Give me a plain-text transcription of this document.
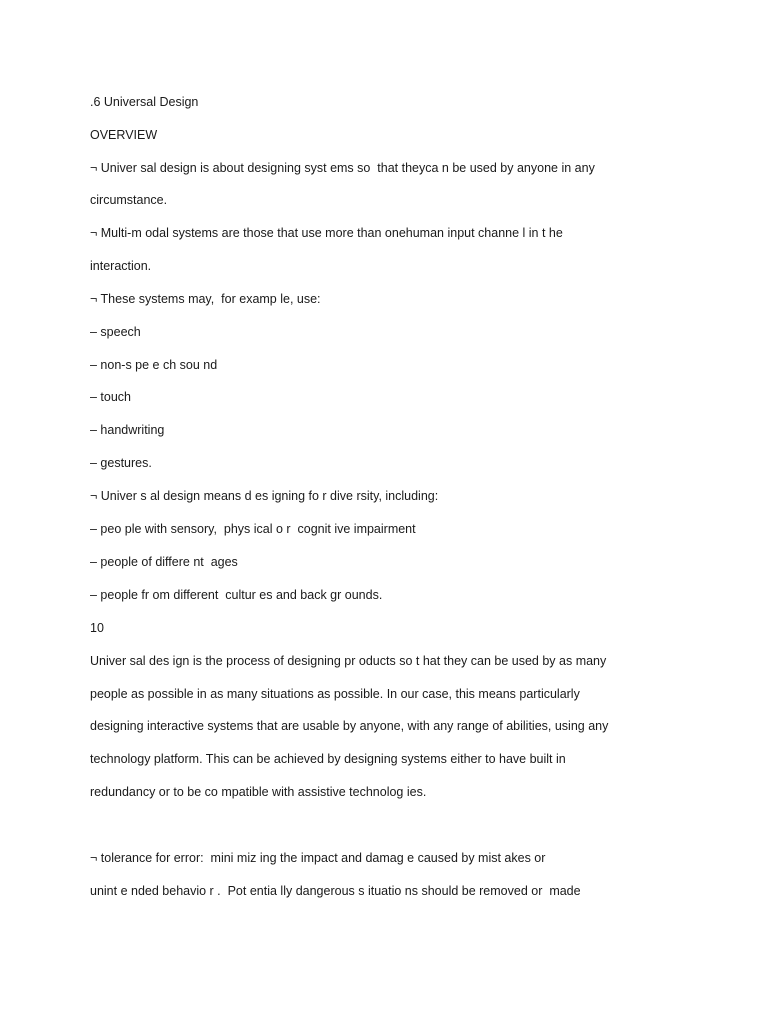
.6 Universal Design

OVERVIEW

¬ Univer sal design is about designing syst ems so  that theyca n be used by anyone in any

circumstance.

¬ Multi-m odal systems are those that use more than onehuman input channe l in t he

interaction.

¬ These systems may,  for examp le, use:

– speech

– non-s pe e ch sou nd

– touch

– handwriting

– gestures.

¬ Univer s al design means d es igning fo r dive rsity, including:

– peo ple with sensory,  phys ical o r  cognit ive impairment

– people of differe nt  ages

– people fr om different  cultur es and back gr ounds.

10

Univer sal des ign is the process of designing pr oducts so t hat they can be used by as many

people as possible in as many situations as possible. In our case, this means particularly

designing interactive systems that are usable by anyone, with any range of abilities, using any

technology platform. This can be achieved by designing systems either to have built in

redundancy or to be co mpatible with assistive technolog ies.

¬ tolerance for error:  mini miz ing the impact and damag e caused by mist akes or

unint e nded behavio r .  Pot entia lly dangerous s ituatio ns should be removed or  made
